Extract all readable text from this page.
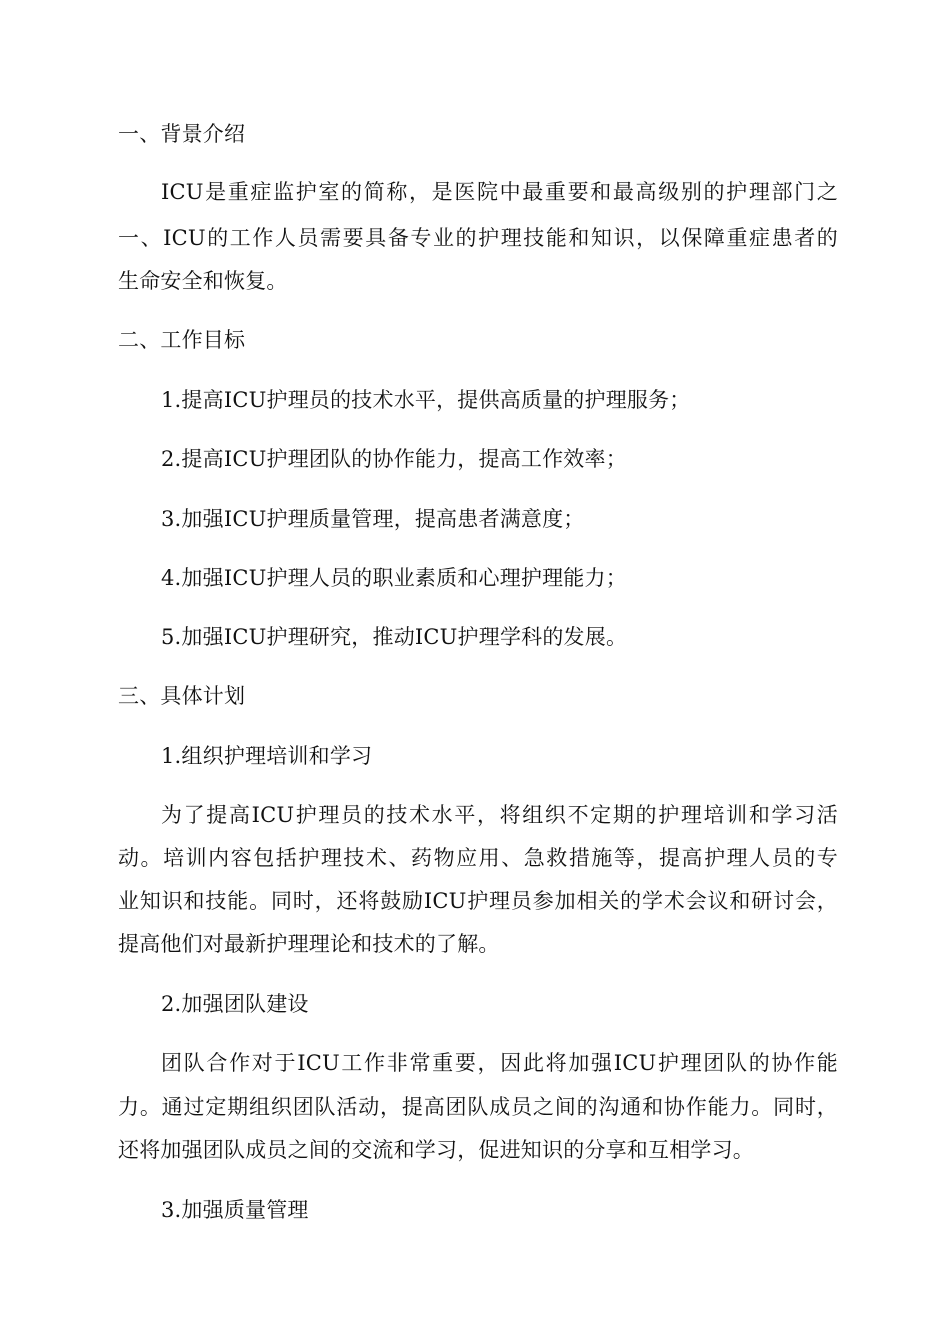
一、背景介绍
ICU是重症监护室的简称，是医院中最重要和最高级别的护理部门之
一、ICU的工作人员需要具备专业的护理技能和知识，以保障重症患者的
生命安全和恢复。
二、工作目标
1.提高ICU护理员的技术水平，提供高质量的护理服务；
2.提高ICU护理团队的协作能力，提高工作效率；
3.加强ICU护理质量管理，提高患者满意度；
4.加强ICU护理人员的职业素质和心理护理能力；
5.加强ICU护理研究，推动ICU护理学科的发展。
三、具体计划
1.组织护理培训和学习
为了提高ICU护理员的技术水平，将组织不定期的护理培训和学习活
动。培训内容包括护理技术、药物应用、急救措施等，提高护理人员的专
业知识和技能。同时，还将鼓励ICU护理员参加相关的学术会议和研讨会，
提高他们对最新护理理论和技术的了解。
2.加强团队建设
团队合作对于ICU工作非常重要，因此将加强ICU护理团队的协作能
力。通过定期组织团队活动，提高团队成员之间的沟通和协作能力。同时，
还将加强团队成员之间的交流和学习，促进知识的分享和互相学习。
3.加强质量管理
